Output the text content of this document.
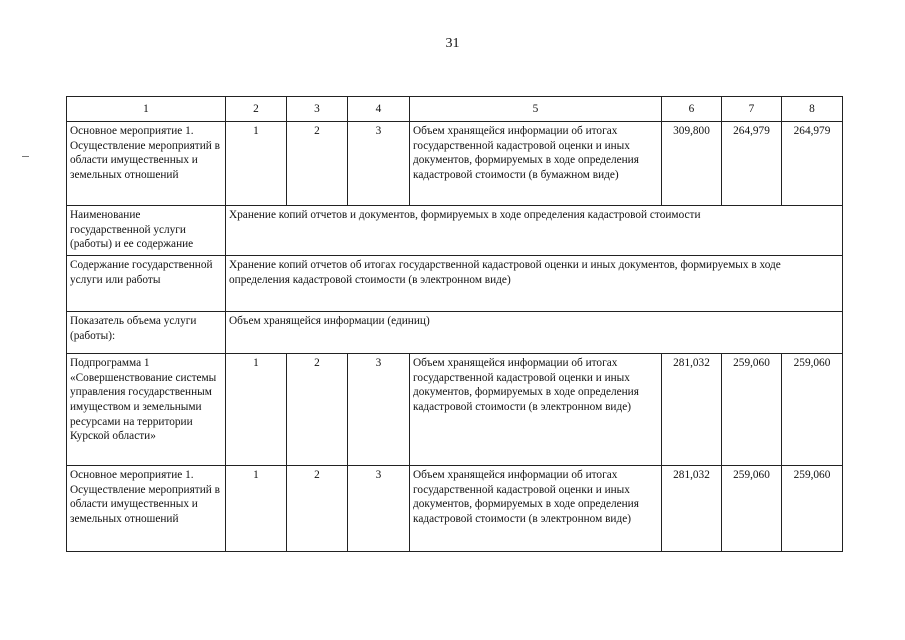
31
1	2	3	4	5	6	7	8
Основное мероприятие 1. Осуществление мероприятий в области имущественных и земельных отношений	1	2	3	Объем хранящейся информации об итогах государственной кадастровой оценки и иных документов, формируемых в ходе определения кадастровой стоимости (в бумажном виде)	309,800	264,979	264,979
Наименование государственной услуги (работы) и ее содержание	Хранение копий отчетов и документов, формируемых в ходе определения кадастровой стоимости						
Содержание государственной услуги или работы	Хранение копий отчетов об итогах государственной кадастровой оценки и иных документов, формируемых в ходе определения кадастровой стоимости (в электронном виде)						
Показатель объема услуги (работы):	Объем хранящейся информации (единиц)						
Подпрограмма 1 «Совершенствование системы управления государственным имуществом и земельными ресурсами на территории Курской области»	1	2	3	Объем хранящейся информации об итогах государственной кадастровой оценки и иных документов, формируемых в ходе определения кадастровой стоимости (в электронном виде)	281,032	259,060	259,060
Основное мероприятие 1. Осуществление мероприятий в области имущественных и земельных отношений	1	2	3	Объем хранящейся информации об итогах государственной кадастровой оценки и иных документов, формируемых в ходе определения кадастровой стоимости (в электронном виде)	281,032	259,060	259,060
